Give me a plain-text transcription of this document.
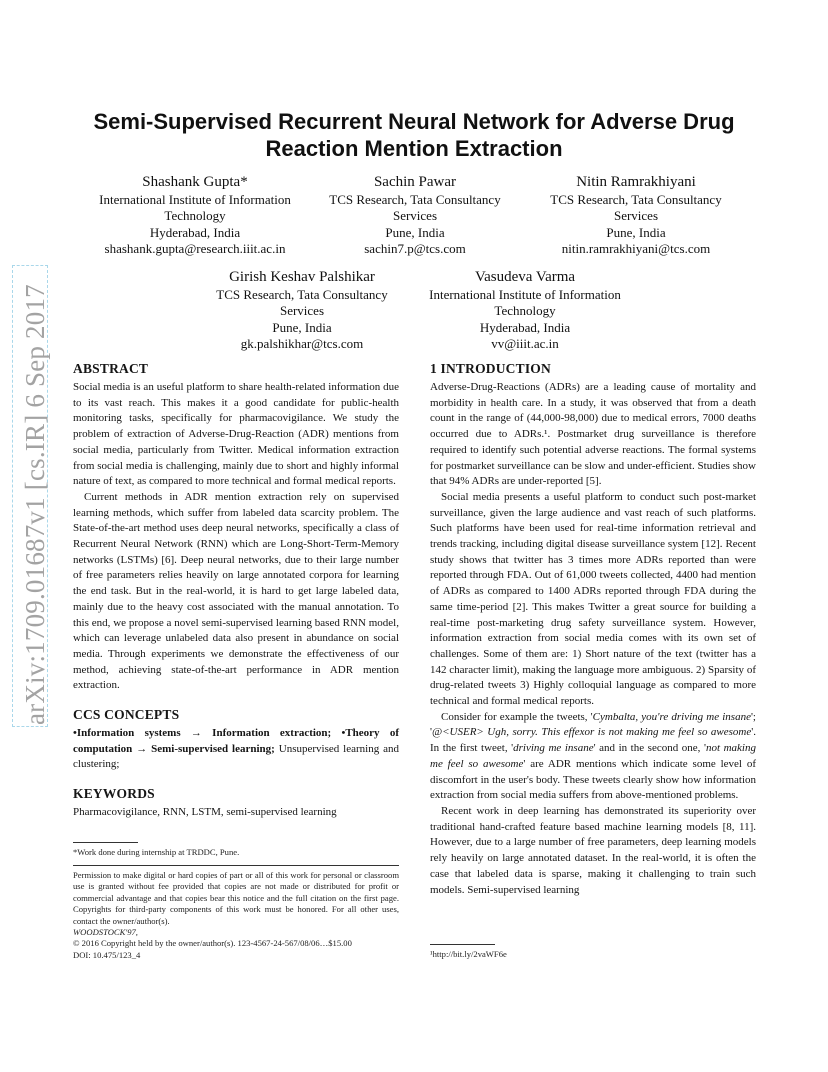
arXiv:1709.01687v1 [cs.IR] 6 Sep 2017
Semi-Supervised Recurrent Neural Network for Adverse Drug
Reaction Mention Extraction
Shashank Gupta*
International Institute of Information
Technology
Hyderabad, India
shashank.gupta@research.iiit.ac.in
Sachin Pawar
TCS Research, Tata Consultancy
Services
Pune, India
sachin7.p@tcs.com
Nitin Ramrakhiyani
TCS Research, Tata Consultancy
Services
Pune, India
nitin.ramrakhiyani@tcs.com
Girish Keshav Palshikar
TCS Research, Tata Consultancy
Services
Pune, India
gk.palshikhar@tcs.com
Vasudeva Varma
International Institute of Information
Technology
Hyderabad, India
vv@iiit.ac.in
ABSTRACT

Social media is an useful platform to share health-related information due to its vast reach. This makes it a good candidate for public-health monitoring tasks, specifically for pharmacovigilance. We study the problem of extraction of Adverse-Drug-Reaction (ADR) mentions from social media, particularly from Twitter. Medical information extraction from social media is challenging, mainly due to short and highly informal nature of text, as compared to more technical and formal medical reports.

Current methods in ADR mention extraction rely on supervised learning methods, which suffer from labeled data scarcity problem. The State-of-the-art method uses deep neural networks, specifically a class of Recurrent Neural Network (RNN) which are Long-Short-Term-Memory networks (LSTMs) [6]. Deep neural networks, due to their large number of free parameters relies heavily on large annotated corpora for learning the end task. But in the real-world, it is hard to get large labeled data, mainly due to the heavy cost associated with the manual annotation. To this end, we propose a novel semi-supervised learning based RNN model, which can leverage unlabeled data also present in abundance on social media. Through experiments we demonstrate the effectiveness of our method, achieving state-of-the-art performance in ADR mention extraction.

CCS CONCEPTS

•Information systems → Information extraction; •Theory of computation → Semi-supervised learning; Unsupervised learning and clustering;

KEYWORDS

Pharmacovigilance, RNN, LSTM, semi-supervised learning

*Work done during internship at TRDDC, Pune.
Permission to make digital or hard copies of part or all of this work for personal or classroom use is granted without fee provided that copies are not made or distributed for profit or commercial advantage and that copies bear this notice and the full citation on the first page. Copyrights for third-party components of this work must be honored. For all other uses, contact the owner/author(s).
WOODSTOCK'97,
© 2016 Copyright held by the owner/author(s). 123-4567-24-567/08/06…$15.00
DOI: 10.475/123_4
1 INTRODUCTION

Adverse-Drug-Reactions (ADRs) are a leading cause of mortality and morbidity in health care. In a study, it was observed that from a death count in the range of (44,000-98,000) due to medical errors, 7000 deaths occurred due to ADRs.¹. Postmarket drug surveillance is therefore required to identify such potential adverse reactions. The formal systems for postmarket surveillance can be slow and under-efficient. Studies show that 94% ADRs are under-reported [5].

Social media presents a useful platform to conduct such post-market surveillance, given the large audience and vast reach of such platforms. Such platforms have been used for real-time information retrieval and trends tracking, including digital disease surveillance system [12]. Recent study shows that twitter has 3 times more ADRs reported than were reported through FDA. Out of 61,000 tweets collected, 4400 had mention of ADRs as compared to 1400 ADRs reported through FDA during the same time-period [2]. This makes Twitter a great source for building a real-time post-marketing drug safety surveillance system. However, information extraction from social media comes with its own set of challenges. Some of them are: 1) Short nature of the text (twitter has a 142 character limit), making the language more ambiguous. 2) Sparsity of drug-related tweets 3) Highly colloquial language as compared to more technical and formal medical reports.

Consider for example the tweets, 'Cymbalta, you're driving me insane'; '@<USER> Ugh, sorry. This effexor is not making me feel so awesome'. In the first tweet, 'driving me insane' and in the second one, 'not making me feel so awesome' are ADR mentions which indicate some level of discomfort in the user's body. These tweets clearly show how information extraction from social media suffers from above-mentioned problems.

Recent work in deep learning has demonstrated its superiority over traditional hand-crafted feature based machine learning models [8, 11]. However, due to a large number of free parameters, deep learning models rely heavily on large annotated dataset. In the real-world, it is often the case that labeled data is sparse, making it challenging to train such models. Semi-supervised learning

¹http://bit.ly/2vaWF6e
